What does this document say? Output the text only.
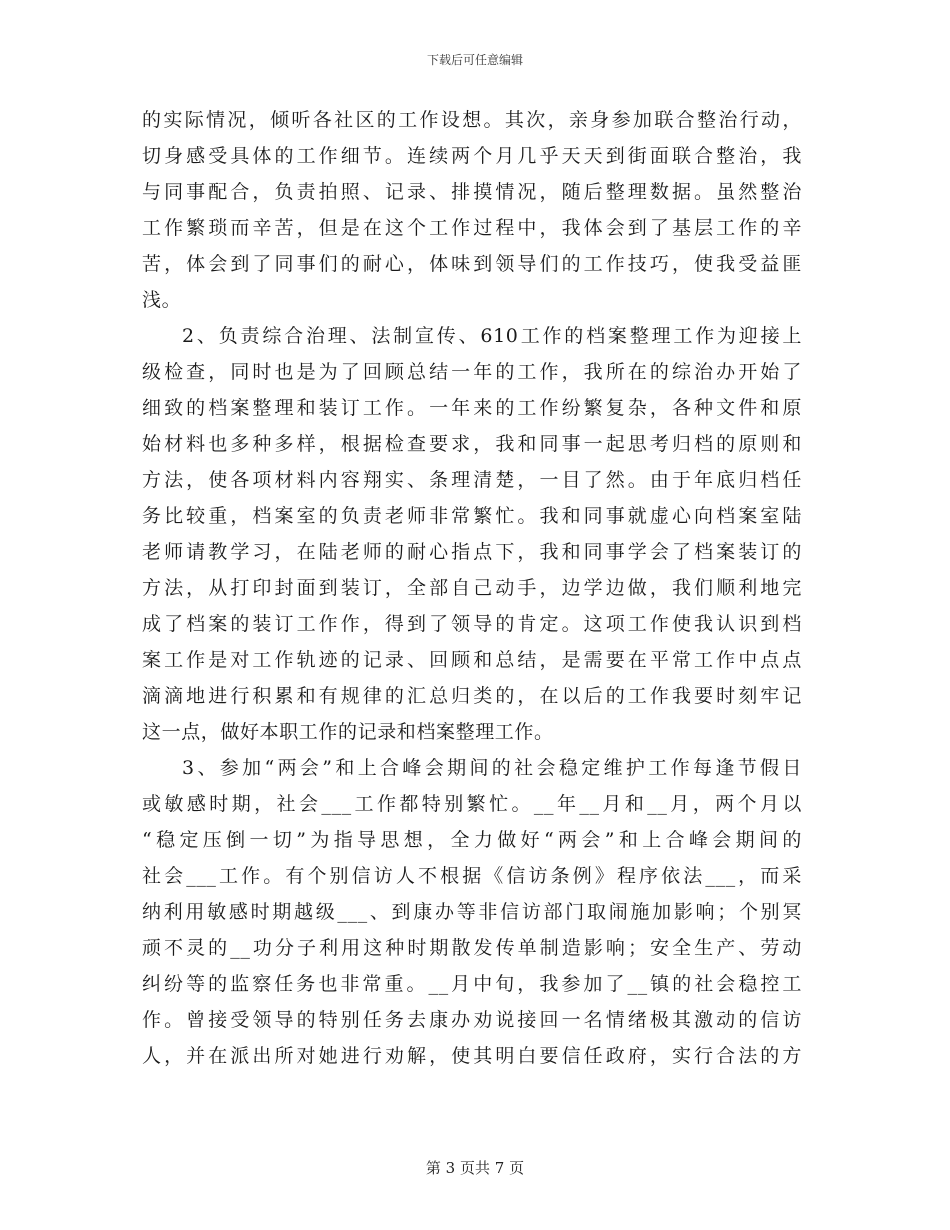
下载后可任意编辑
的实际情况，倾听各社区的工作设想。其次，亲身参加联合整治行动，
切身感受具体的工作细节。连续两个月几乎天天到街面联合整治，我
与同事配合，负责拍照、记录、排摸情况，随后整理数据。虽然整治
工作繁琐而辛苦，但是在这个工作过程中，我体会到了基层工作的辛
苦，体会到了同事们的耐心，体味到领导们的工作技巧，使我受益匪
浅。
2、负责综合治理、法制宣传、610工作的档案整理工作为迎接上
级检查，同时也是为了回顾总结一年的工作，我所在的综治办开始了
细致的档案整理和装订工作。一年来的工作纷繁复杂，各种文件和原
始材料也多种多样，根据检查要求，我和同事一起思考归档的原则和
方法，使各项材料内容翔实、条理清楚，一目了然。由于年底归档任
务比较重，档案室的负责老师非常繁忙。我和同事就虚心向档案室陆
老师请教学习，在陆老师的耐心指点下，我和同事学会了档案装订的
方法，从打印封面到装订，全部自己动手，边学边做，我们顺利地完
成了档案的装订工作作，得到了领导的肯定。这项工作使我认识到档
案工作是对工作轨迹的记录、回顾和总结，是需要在平常工作中点点
滴滴地进行积累和有规律的汇总归类的，在以后的工作我要时刻牢记
这一点，做好本职工作的记录和档案整理工作。
3、参加“两会”和上合峰会期间的社会稳定维护工作每逢节假日
或敏感时期，社会___工作都特别繁忙。__年__月和__月，两个月以
“稳定压倒一切”为指导思想，全力做好“两会”和上合峰会期间的
社会___工作。有个别信访人不根据《信访条例》程序依法___，而采
纳利用敏感时期越级___、到康办等非信访部门取闹施加影响；个别冥
顽不灵的__功分子利用这种时期散发传单制造影响；安全生产、劳动
纠纷等的监察任务也非常重。__月中旬，我参加了__镇的社会稳控工
作。曾接受领导的特别任务去康办劝说接回一名情绪极其激动的信访
人，并在派出所对她进行劝解，使其明白要信任政府，实行合法的方
第 3 页共 7 页
